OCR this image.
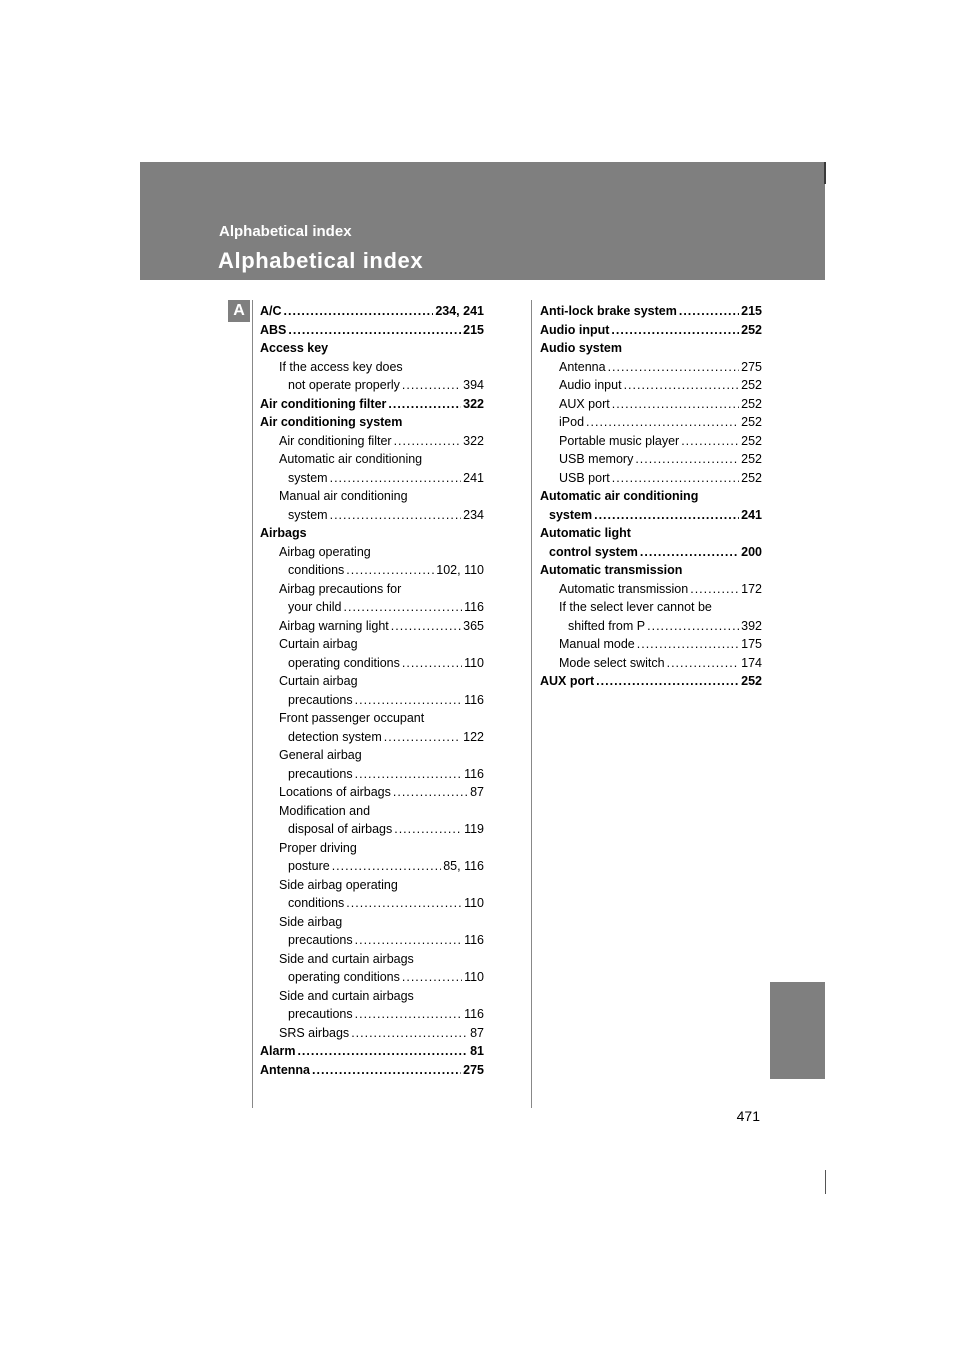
Alphabetical index
Alphabetical index
A	A/C .....	234, 241
ABS .....	215
Access key
If the access key does
not operate properly .....	394
Air conditioning filter .....	322
Air conditioning system
Air conditioning filter .....	322
Automatic air conditioning
system .....	241
Manual air conditioning
system .....	234
Airbags
Airbag operating
conditions .....	102, 110
Airbag precautions for
your child .....	116
Airbag warning light .....	365
Curtain airbag
operating conditions .....	110
Curtain airbag
precautions .....	116
Front passenger occupant
detection system .....	122
General airbag
precautions .....	116
Locations of airbags .....	87
Modification and
disposal of airbags .....	119
Proper driving
posture .....	85, 116
Side airbag operating
conditions .....	110
Side airbag
precautions .....	116
Side and curtain airbags
operating conditions .....	110
Side and curtain airbags
precautions .....	116
SRS airbags .....	87
Alarm .....	81
Antenna .....	275
Anti-lock brake system .....	215
Audio input .....	252
Audio system
Antenna .....	275
Audio input .....	252
AUX port .....	252
iPod .....	252
Portable music player .....	252
USB memory .....	252
USB port .....	252
Automatic air conditioning
system .....	241
Automatic light
control system .....	200
Automatic transmission
Automatic transmission .....	172
If the select lever cannot be
shifted from P .....	392
Manual mode .....	175
Mode select switch .....	174
AUX port .....	252
471
